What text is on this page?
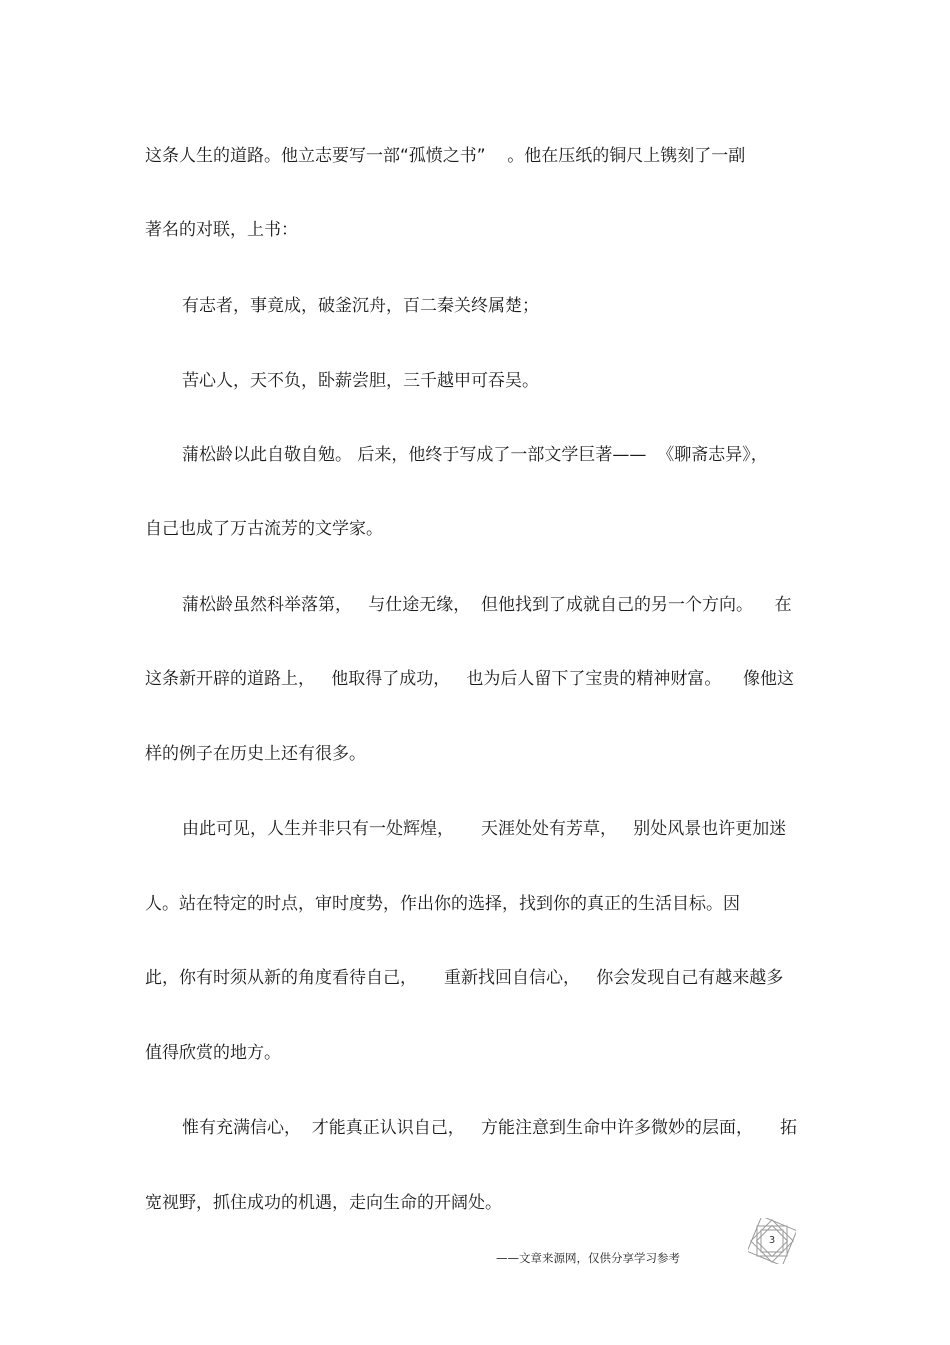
这条人生的道路。他立志要写一部“孤愤之书”    。他在压纸的铜尺上镌刻了一副

著名的对联，上书：

有志者，事竟成，破釜沉舟，百二秦关终属楚；

苦心人，天不负，卧薪尝胆，三千越甲可吞吴。

蒲松龄以此自敬自勉。 后来，他终于写成了一部文学巨著——  《聊斋志异》，

自己也成了万古流芳的文学家。

蒲松龄虽然科举落第，   与仕途无缘，  但他找到了成就自己的另一个方向。    在

这条新开辟的道路上，   他取得了成功，   也为后人留下了宝贵的精神财富。    像他这

样的例子在历史上还有很多。

由此可见，人生并非只有一处辉煌，     天涯处处有芳草，   别处风景也许更加迷

人。站在特定的时点，审时度势，作出你的选择，找到你的真正的生活目标。因

此，你有时须从新的角度看待自己，     重新找回自信心，   你会发现自己有越来越多

值得欣赏的地方。

惟有充满信心，  才能真正认识自己，   方能注意到生命中许多微妙的层面，     拓

宽视野，抓住成功的机遇，走向生命的开阔处。

——文章来源网，仅供分享学习参考
3
